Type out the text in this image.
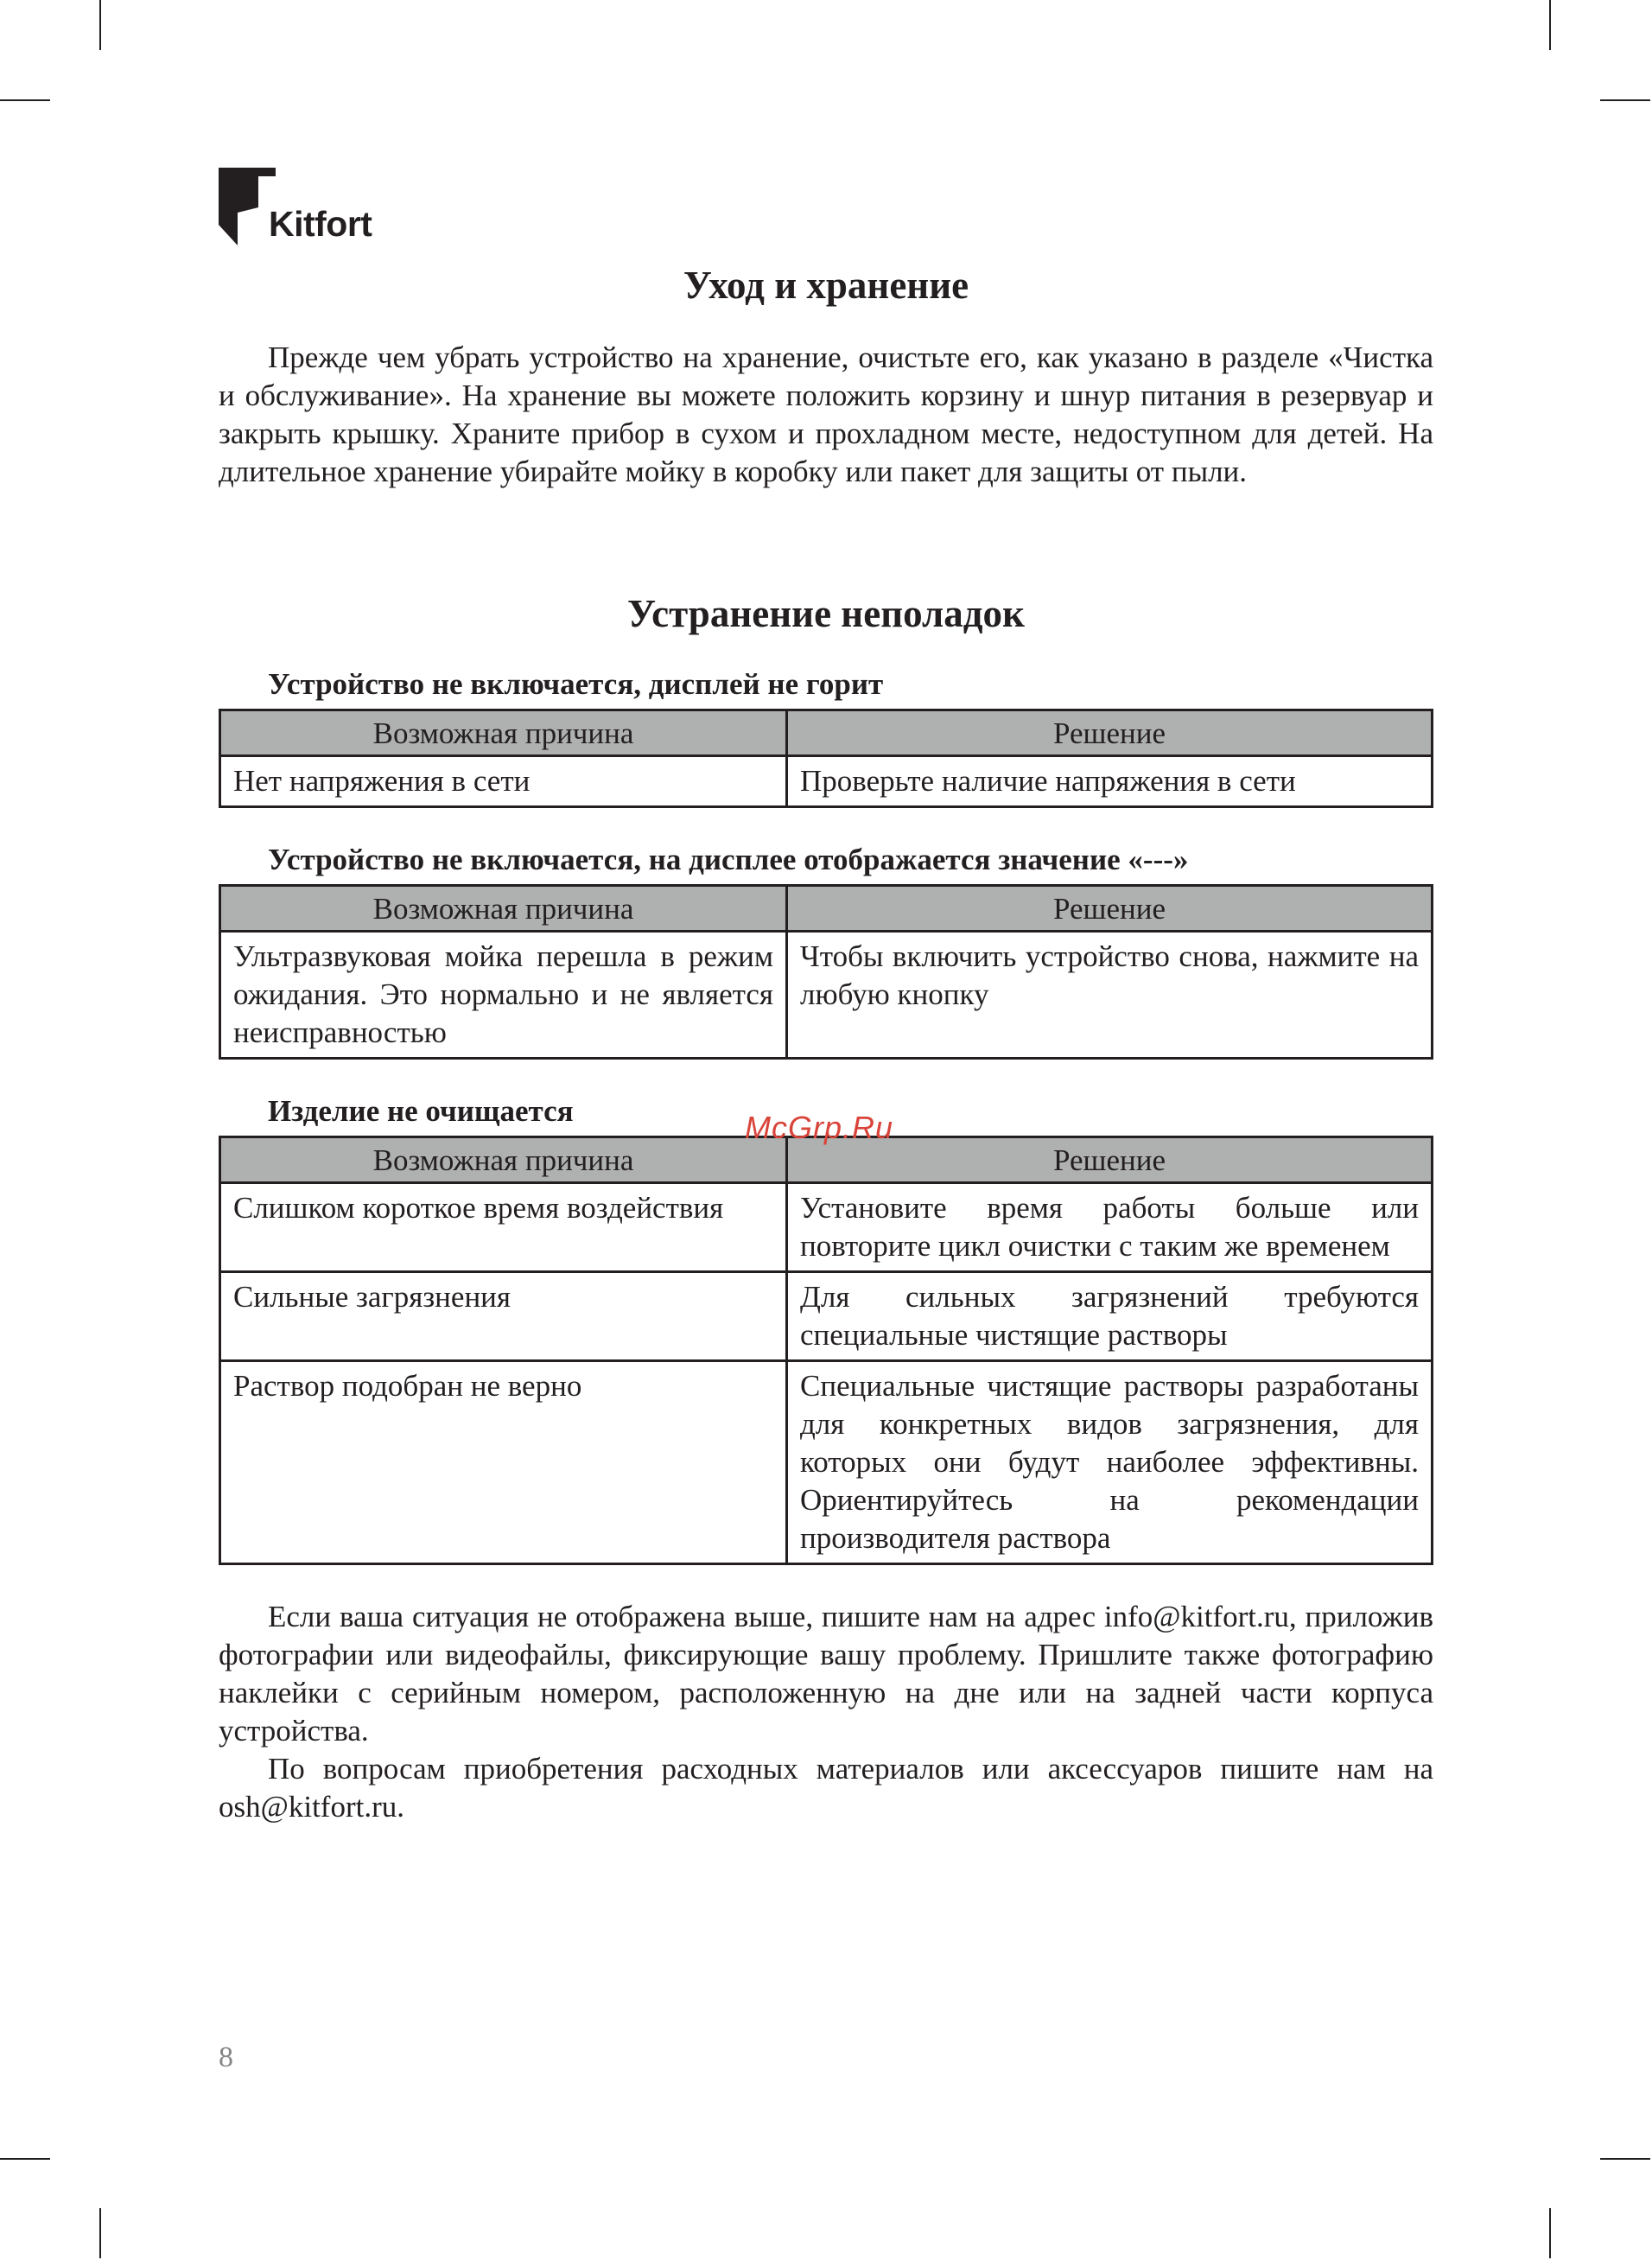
Kitfort
Уход и хранение

Прежде чем убрать устройство на хранение, очистьте его, как указано в разделе «Чистка и обслуживание». На хранение вы можете положить корзину и шнур питания в резервуар и закрыть крышку. Храните прибор в сухом и прохладном месте, недоступном для детей. На длительное хранение убирайте мойку в коробку или пакет для защиты от пыли.

Устранение неполадок

Устройство не включается, дисплей не горит

Возможная причина	Решение
Нет напряжения в сети	Проверьте наличие напряжения в сети

Устройство не включается, на дисплее отображается значение «---»

Возможная причина	Решение
Ультразвуковая мойка перешла в режим ожидания. Это нормально и не является неисправностью	Чтобы включить устройство снова, нажмите на любую кнопку

Изделие не очищается

Возможная причина	Решение
Слишком короткое время воздействия	Установите время работы больше или повторите цикл очистки с таким же временем
Сильные загрязнения	Для сильных загрязнений требуются специальные чистящие растворы
Раствор подобран не верно	Специальные чистящие растворы разработаны для конкретных видов загрязнения, для которых они будут наиболее эффективны. Ориентируйтесь на рекомендации производителя раствора

Если ваша ситуация не отображена выше, пишите нам на адрес info@kitfort.ru, приложив фотографии или видеофайлы, фиксирующие вашу проблему. Пришлите также фотографию наклейки с серийным номером, расположенную на дне или на задней части корпуса устройства.

По вопросам приобретения расходных материалов или аксессуаров пишите нам на osh@kitfort.ru.

McGrp.Ru
8
